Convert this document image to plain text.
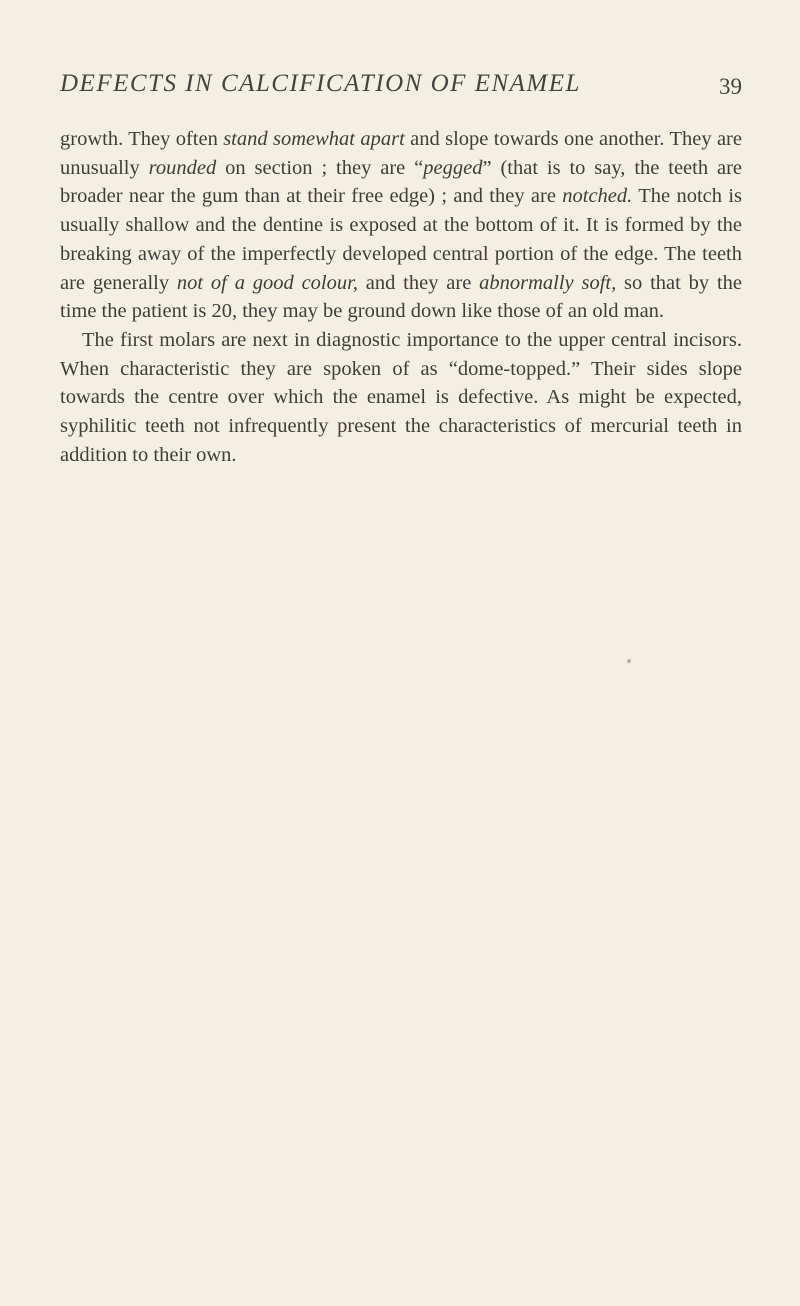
DEFECTS IN CALCIFICATION OF ENAMEL	39

growth. They often stand somewhat apart and slope towards one another. They are unusually rounded on section ; they are “pegged” (that is to say, the teeth are broader near the gum than at their free edge) ; and they are notched. The notch is usually shallow and the dentine is exposed at the bottom of it. It is formed by the breaking away of the imperfectly developed central portion of the edge. The teeth are generally not of a good colour, and they are abnormally soft, so that by the time the patient is 20, they may be ground down like those of an old man.

The first molars are next in diagnostic importance to the upper central incisors. When characteristic they are spoken of as “dome-topped.” Their sides slope towards the centre over which the enamel is defective. As might be expected, syphilitic teeth not infrequently present the characteristics of mercurial teeth in addition to their own.
